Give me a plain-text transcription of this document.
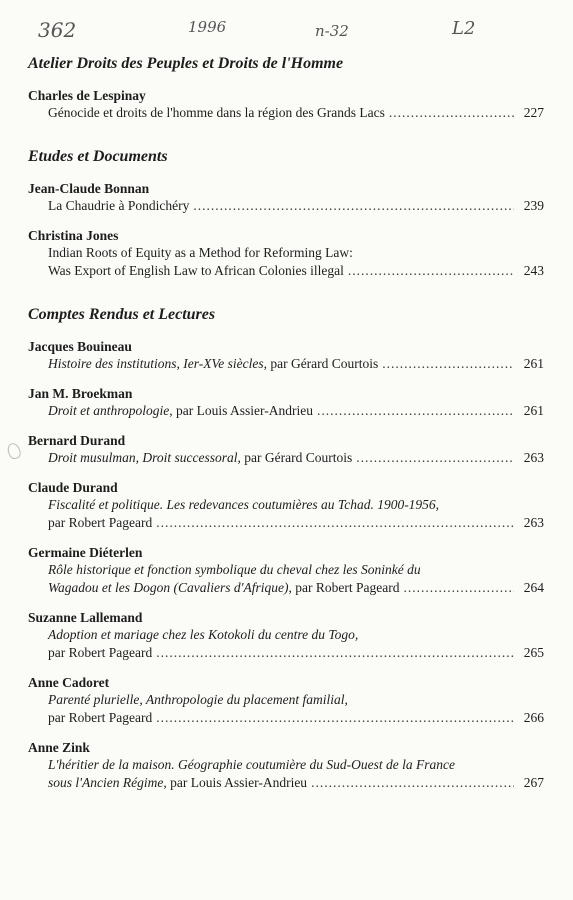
362	1996	n-32	L2
Atelier Droits des Peuples et Droits de l'Homme
Charles de Lespinay
Génocide et droits de l'homme dans la région des Grands Lacs .....	227
Etudes et Documents
Jean-Claude Bonnan
La Chaudrie à Pondichéry .....	239
Christina Jones
Indian Roots of Equity as a Method for Reforming Law:
Was Export of English Law to African Colonies illegal .....	243
Comptes Rendus et Lectures
Jacques Bouineau
Histoire des institutions, Ier-XVe siècles, par Gérard Courtois .....	261
Jan M. Broekman
Droit et anthropologie, par Louis Assier-Andrieu .....	261
Bernard Durand
Droit musulman, Droit successoral, par Gérard Courtois .....	263
Claude Durand
Fiscalité et politique. Les redevances coutumières au Tchad. 1900-1956,
par Robert Pageard .....	263
Germaine Diéterlen
Rôle historique et fonction symbolique du cheval chez les Soninké du
Wagadou et les Dogon (Cavaliers d'Afrique), par Robert Pageard .....	264
Suzanne Lallemand
Adoption et mariage chez les Kotokoli du centre du Togo,
par Robert Pageard .....	265
Anne Cadoret
Parenté plurielle, Anthropologie du placement familial,
par Robert Pageard .....	266
Anne Zink
L'héritier de la maison. Géographie coutumière du Sud-Ouest de la France
sous l'Ancien Régime, par Louis Assier-Andrieu .....	267
